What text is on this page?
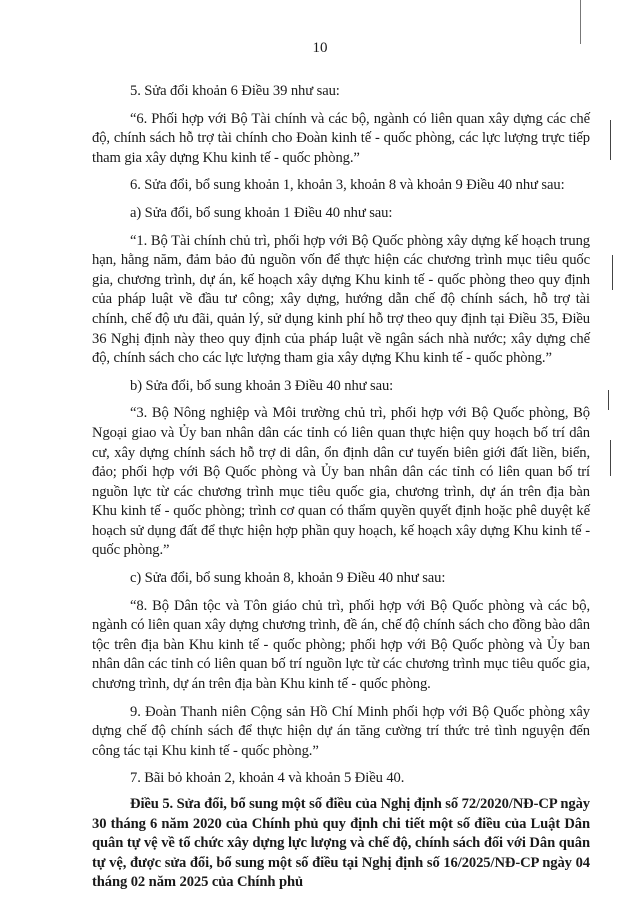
10

5. Sửa đổi khoản 6 Điều 39 như sau:

“6. Phối hợp với Bộ Tài chính và các bộ, ngành có liên quan xây dựng các chế độ, chính sách hỗ trợ tài chính cho Đoàn kinh tế - quốc phòng, các lực lượng trực tiếp tham gia xây dựng Khu kinh tế - quốc phòng.”

6. Sửa đổi, bổ sung khoản 1, khoản 3, khoản 8 và khoản 9 Điều 40 như sau:

a) Sửa đổi, bổ sung khoản 1 Điều 40 như sau:

“1. Bộ Tài chính chủ trì, phối hợp với Bộ Quốc phòng xây dựng kế hoạch trung hạn, hằng năm, đảm bảo đủ nguồn vốn để thực hiện các chương trình mục tiêu quốc gia, chương trình, dự án, kế hoạch xây dựng Khu kinh tế - quốc phòng theo quy định của pháp luật về đầu tư công; xây dựng, hướng dẫn chế độ chính sách, hỗ trợ tài chính, chế độ ưu đãi, quản lý, sử dụng kinh phí hỗ trợ theo quy định tại Điều 35, Điều 36 Nghị định này theo quy định của pháp luật về ngân sách nhà nước; xây dựng chế độ, chính sách cho các lực lượng tham gia xây dựng Khu kinh tế - quốc phòng.”

b) Sửa đổi, bổ sung khoản 3 Điều 40 như sau:

“3. Bộ Nông nghiệp và Môi trường chủ trì, phối hợp với Bộ Quốc phòng, Bộ Ngoại giao và Ủy ban nhân dân các tỉnh có liên quan thực hiện quy hoạch bố trí dân cư, xây dựng chính sách hỗ trợ di dân, ổn định dân cư tuyến biên giới đất liền, biển, đảo; phối hợp với Bộ Quốc phòng và Ủy ban nhân dân các tỉnh có liên quan bố trí nguồn lực từ các chương trình mục tiêu quốc gia, chương trình, dự án trên địa bàn Khu kinh tế - quốc phòng; trình cơ quan có thẩm quyền quyết định hoặc phê duyệt kế hoạch sử dụng đất để thực hiện hợp phần quy hoạch, kế hoạch xây dựng Khu kinh tế - quốc phòng.”

c) Sửa đổi, bổ sung khoản 8, khoản 9 Điều 40 như sau:

“8. Bộ Dân tộc và Tôn giáo chủ trì, phối hợp với Bộ Quốc phòng và các bộ, ngành có liên quan xây dựng chương trình, đề án, chế độ chính sách cho đồng bào dân tộc trên địa bàn Khu kinh tế - quốc phòng; phối hợp với Bộ Quốc phòng và Ủy ban nhân dân các tỉnh có liên quan bố trí nguồn lực từ các chương trình mục tiêu quốc gia, chương trình, dự án trên địa bàn Khu kinh tế - quốc phòng.

9. Đoàn Thanh niên Cộng sản Hồ Chí Minh phối hợp với Bộ Quốc phòng xây dựng chế độ chính sách để thực hiện dự án tăng cường trí thức trẻ tình nguyện đến công tác tại Khu kinh tế - quốc phòng.”

7. Bãi bỏ khoản 2, khoản 4 và khoản 5 Điều 40.

Điều 5. Sửa đổi, bổ sung một số điều của Nghị định số 72/2020/NĐ-CP ngày 30 tháng 6 năm 2020 của Chính phủ quy định chi tiết một số điều của Luật Dân quân tự vệ về tổ chức xây dựng lực lượng và chế độ, chính sách đối với Dân quân tự vệ, được sửa đổi, bổ sung một số điều tại Nghị định số 16/2025/NĐ-CP ngày 04 tháng 02 năm 2025 của Chính phủ
